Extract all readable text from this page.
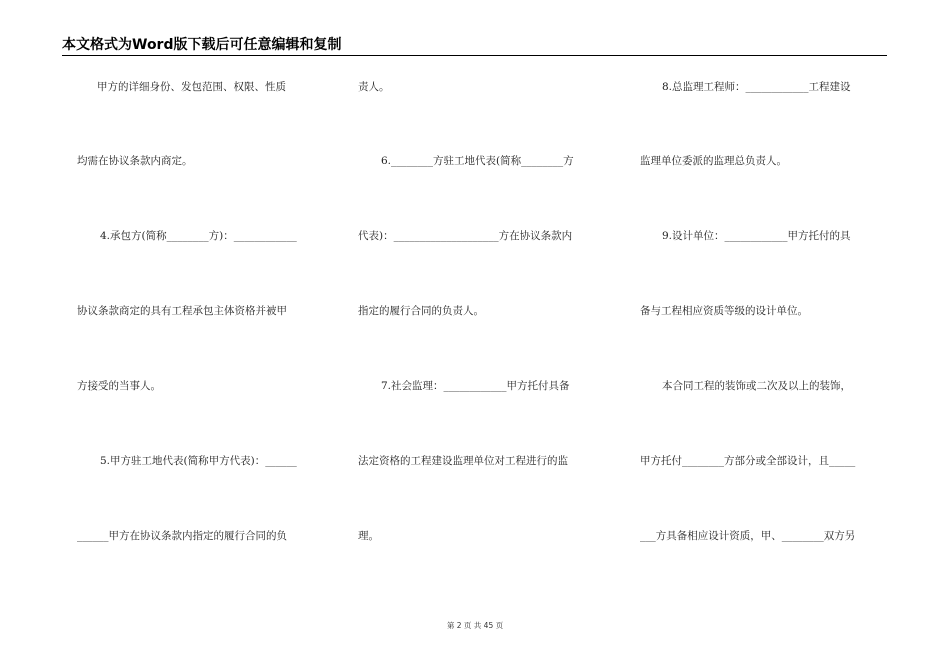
本文格式为Word版下载后可任意编辑和复制
甲方的详细身份、发包范围、权限、性质
均需在协议条款内商定。
4.承包方(简称________方)：____________
协议条款商定的具有工程承包主体资格并被甲
方接受的当事人。
5.甲方驻工地代表(简称甲方代表)：______
______甲方在协议条款内指定的履行合同的负
责人。
6.________方驻工地代表(简称________方
代表)：____________________方在协议条款内
指定的履行合同的负责人。
7.社会监理：____________甲方托付具备
法定资格的工程建设监理单位对工程进行的监
理。
8.总监理工程师：____________工程建设
监理单位委派的监理总负责人。
9.设计单位：____________甲方托付的具
备与工程相应资质等级的设计单位。
本合同工程的装饰或二次及以上的装饰，
甲方托付________方部分或全部设计，且_____
___方具备相应设计资质，甲、________双方另
第 2 页 共 45 页
